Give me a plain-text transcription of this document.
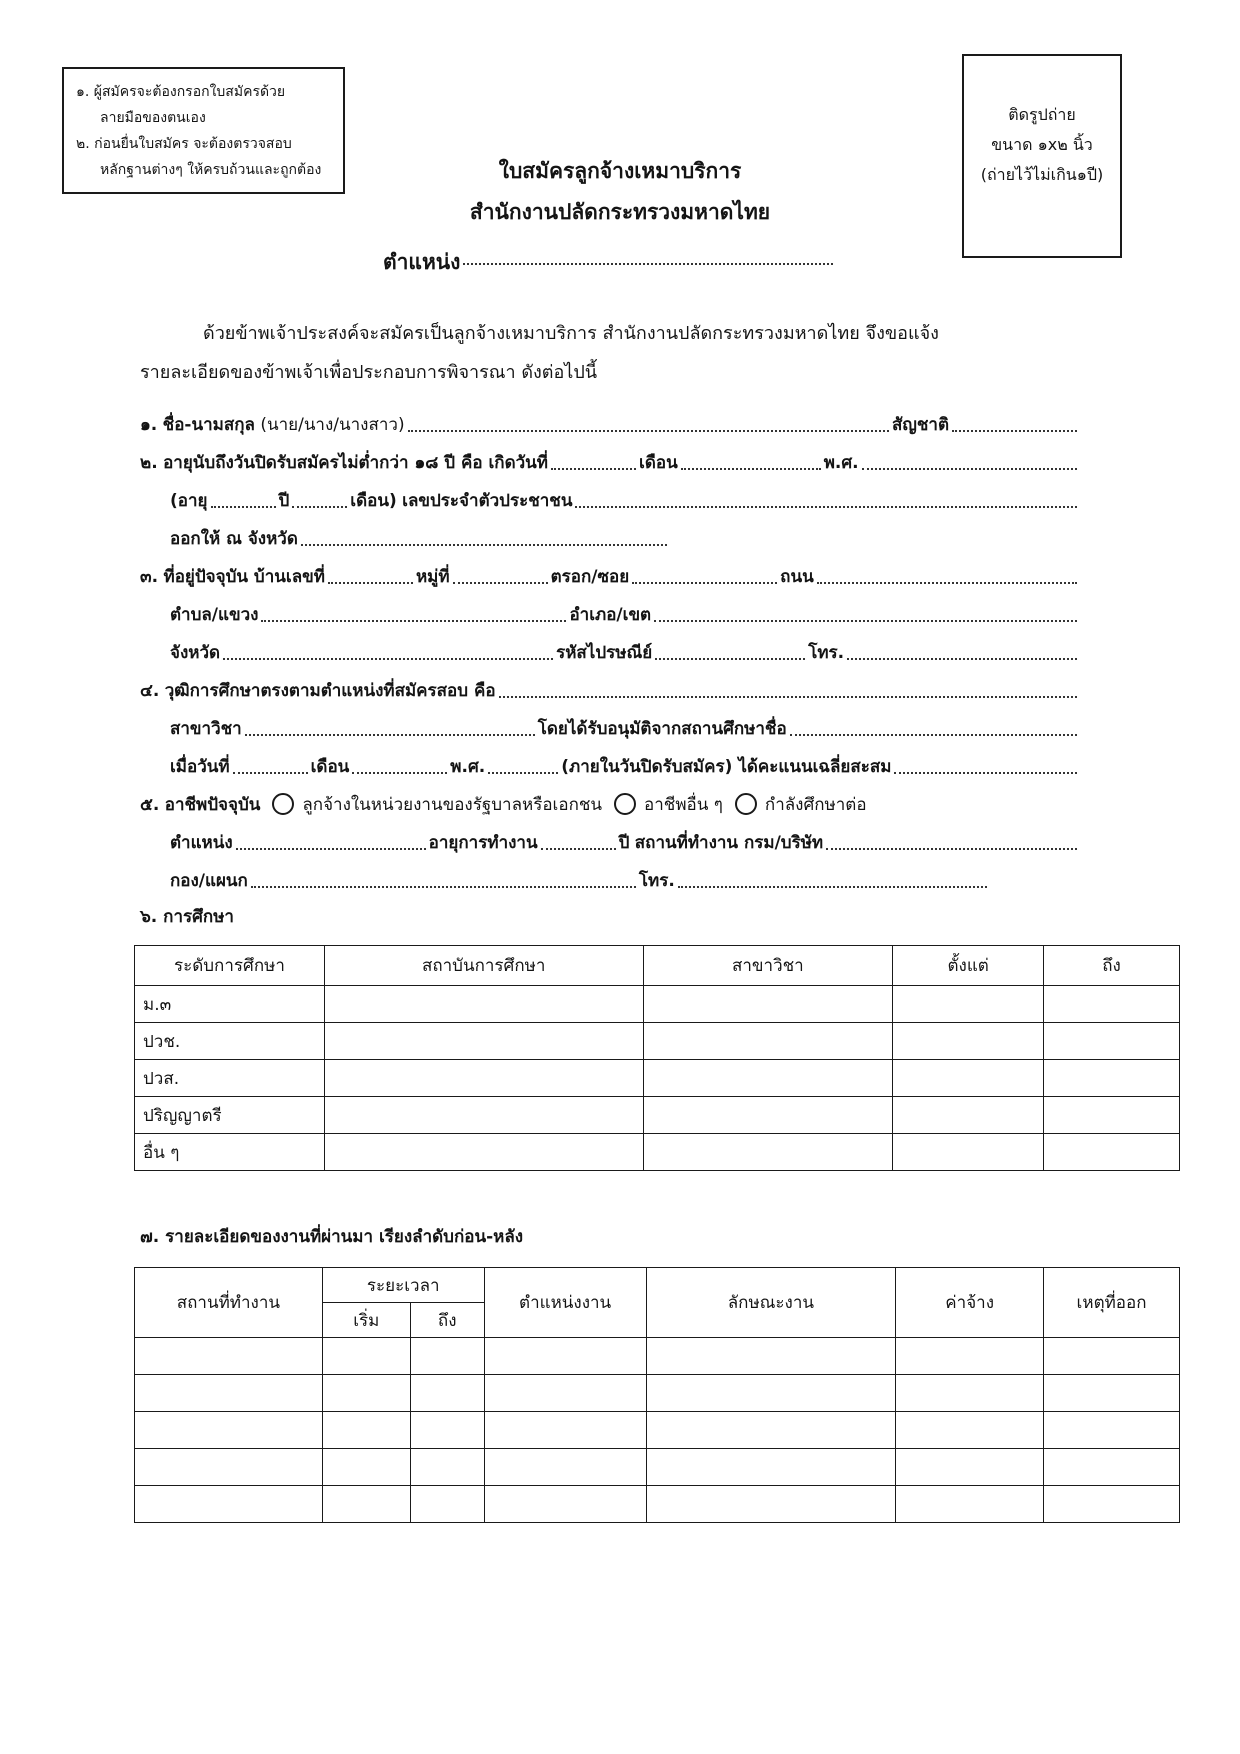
๑. ผู้สมัครจะต้องกรอกใบสมัครด้วย
ลายมือของตนเอง
๒. ก่อนยื่นใบสมัคร จะต้องตรวจสอบ
หลักฐานต่างๆ ให้ครบถ้วนและถูกต้อง
ติดรูปถ่าย
ขนาด ๑x๒ นิ้ว
(ถ่ายไว้ไม่เกิน๑ปี)
ใบสมัครลูกจ้างเหมาบริการ
สำนักงานปลัดกระทรวงมหาดไทย
ตำแหน่ง
ด้วยข้าพเจ้าประสงค์จะสมัครเป็นลูกจ้างเหมาบริการ สำนักงานปลัดกระทรวงมหาดไทย จึงขอแจ้ง
รายละเอียดของข้าพเจ้าเพื่อประกอบการพิจารณา ดังต่อไปนี้
๑.
ชื่อ-นามสกุล
(นาย/นาง/นางสาว)	สัญชาติ
๒.
อายุนับถึงวันปิดรับสมัครไม่ต่ำกว่า ๑๘ ปี คือ เกิดวันที่	เดือน	พ.ศ.
(อายุ	ปี	เดือน)
เลขประจำตัวประชาชน
ออกให้ ณ จังหวัด
๓.
ที่อยู่ปัจจุบัน บ้านเลขที่	หมู่ที่	ตรอก/ซอย	ถนน
ตำบล/แขวง	อำเภอ/เขต
จังหวัด	รหัสไปรษณีย์	โทร.
๔.
วุฒิการศึกษาตรงตามตำแหน่งที่สมัครสอบ คือ
สาขาวิชา	โดยได้รับอนุมัติจากสถานศึกษาชื่อ
เมื่อวันที่	เดือน	พ.ศ.	(ภายในวันปิดรับสมัคร) ได้คะแนนเฉลี่ยสะสม
๕.
อาชีพปัจจุบัน ลูกจ้างในหน่วยงานของรัฐบาลหรือเอกชน อาชีพอื่น ๆ กำลังศึกษาต่อ
ตำแหน่ง	อายุการทำงาน	ปี
สถานที่ทำงาน กรม/บริษัท
กอง/แผนก	โทร.
๖. การศึกษา
ระดับการศึกษา	สถาบันการศึกษา	สาขาวิชา	ตั้งแต่	ถึง
ม.๓				
ปวช.				
ปวส.				
ปริญญาตรี				
อื่น ๆ				
๗. รายละเอียดของงานที่ผ่านมา เรียงลำดับก่อน-หลัง
สถานที่ทำงาน	ระยะเวลา		ตำแหน่งงาน	ลักษณะงาน	ค่าจ้าง	เหตุที่ออก
	เริ่ม	ถึง				
